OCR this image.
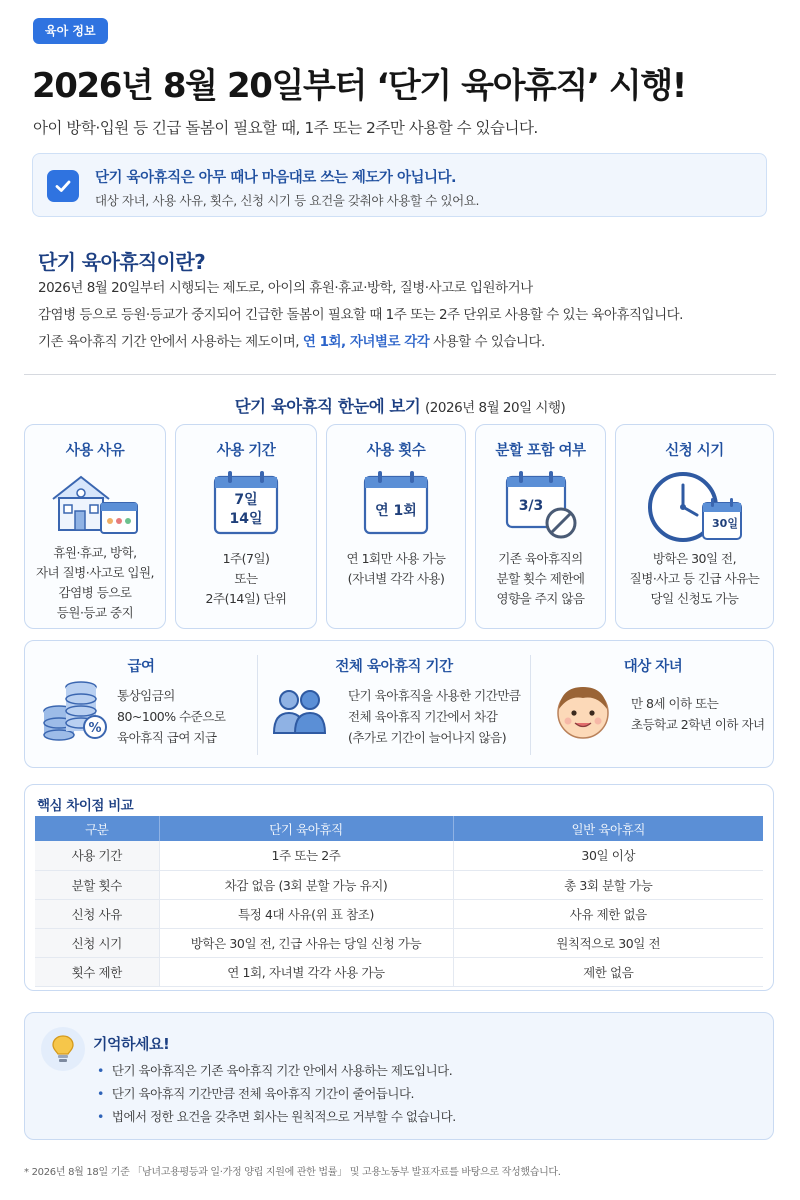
육아 정보
2026년 8월 20일부터 ‘단기 육아휴직’ 시행!
아이 방학·입원 등 긴급 돌봄이 필요할 때, 1주 또는 2주만 사용할 수 있습니다.
단기 육아휴직은 아무 때나 마음대로 쓰는 제도가 아닙니다.
대상 자녀, 사용 사유, 횟수, 신청 시기 등 요건을 갖춰야 사용할 수 있어요.
단기 육아휴직이란?
2026년 8월 20일부터 시행되는 제도로, 아이의 휴원·휴교·방학, 질병·사고로 입원하거나
감염병 등으로 등원·등교가 중지되어 긴급한 돌봄이 필요할 때 1주 또는 2주 단위로 사용할 수 있는 육아휴직입니다.
기존 육아휴직 기간 안에서 사용하는 제도이며, 연 1회, 자녀별로 각각 사용할 수 있습니다.
단기 육아휴직 한눈에 보기 (2026년 8월 20일 시행)
사용 사유
휴원·휴교, 방학,
자녀 질병·사고로 입원,
감염병 등으로
등원·등교 중지
사용 기간
7일
14일
1주(7일)
또는
2주(14일) 단위
사용 횟수
연 1회
연 1회만 사용 가능
(자녀별 각각 사용)
분할 포함 여부
3/3
기존 육아휴직의
분할 횟수 제한에
영향을 주지 않음
신청 시기
30일
방학은 30일 전,
질병·사고 등 긴급 사유는
당일 신청도 가능
급여
%
통상임금의
80~100% 수준으로
육아휴직 급여 지급
전체 육아휴직 기간
단기 육아휴직을 사용한 기간만큼
전체 육아휴직 기간에서 차감
(추가로 기간이 늘어나지 않음)
대상 자녀
만 8세 이하 또는
초등학교 2학년 이하 자녀
핵심 차이점 비교
구분	단기 육아휴직	일반 육아휴직
사용 기간	1주 또는 2주	30일 이상
분할 횟수	차감 없음 (3회 분할 가능 유지)	총 3회 분할 가능
신청 사유	특정 4대 사유(위 표 참조)	사유 제한 없음
신청 시기	방학은 30일 전, 긴급 사유는 당일 신청 가능	원칙적으로 30일 전
횟수 제한	연 1회, 자녀별 각각 사용 가능	제한 없음
기억하세요!
• 단기 육아휴직은 기존 육아휴직 기간 안에서 사용하는 제도입니다.
• 단기 육아휴직 기간만큼 전체 육아휴직 기간이 줄어듭니다.
• 법에서 정한 요건을 갖추면 회사는 원칙적으로 거부할 수 없습니다.
* 2026년 8월 18일 기준 「남녀고용평등과 일·가정 양립 지원에 관한 법률」 및 고용노동부 발표자료를 바탕으로 작성했습니다.
